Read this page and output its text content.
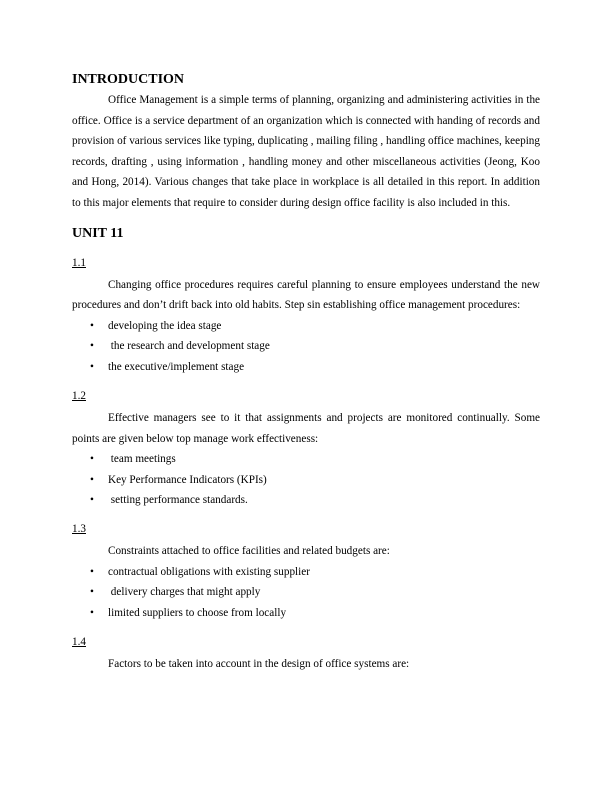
INTRODUCTION

Office Management is a simple terms of planning, organizing and administering activities in the office. Office is a service department of an organization which is connected with handing of records and provision of various services like typing, duplicating , mailing filing , handling office machines, keeping records, drafting , using information , handling money and other miscellaneous activities (Jeong, Koo and Hong, 2014). Various changes that take place in workplace is all detailed in this report. In addition to this major elements that require to consider during design office facility is also included in this.

UNIT 11
1.1

Changing office procedures requires careful planning to ensure employees understand the new procedures and don’t drift back into old habits. Step sin establishing office management procedures:

• developing the idea stage
• the research and development stage
• the executive/implement stage
1.2

Effective managers see to it that assignments and projects are monitored continually. Some points are given below top manage work effectiveness:

• team meetings
• Key Performance Indicators (KPIs)
• setting performance standards.
1.3

Constraints attached to office facilities and related budgets are:

• contractual obligations with existing supplier
• delivery charges that might apply
• limited suppliers to choose from locally
1.4

Factors to be taken into account in the design of office systems are:
